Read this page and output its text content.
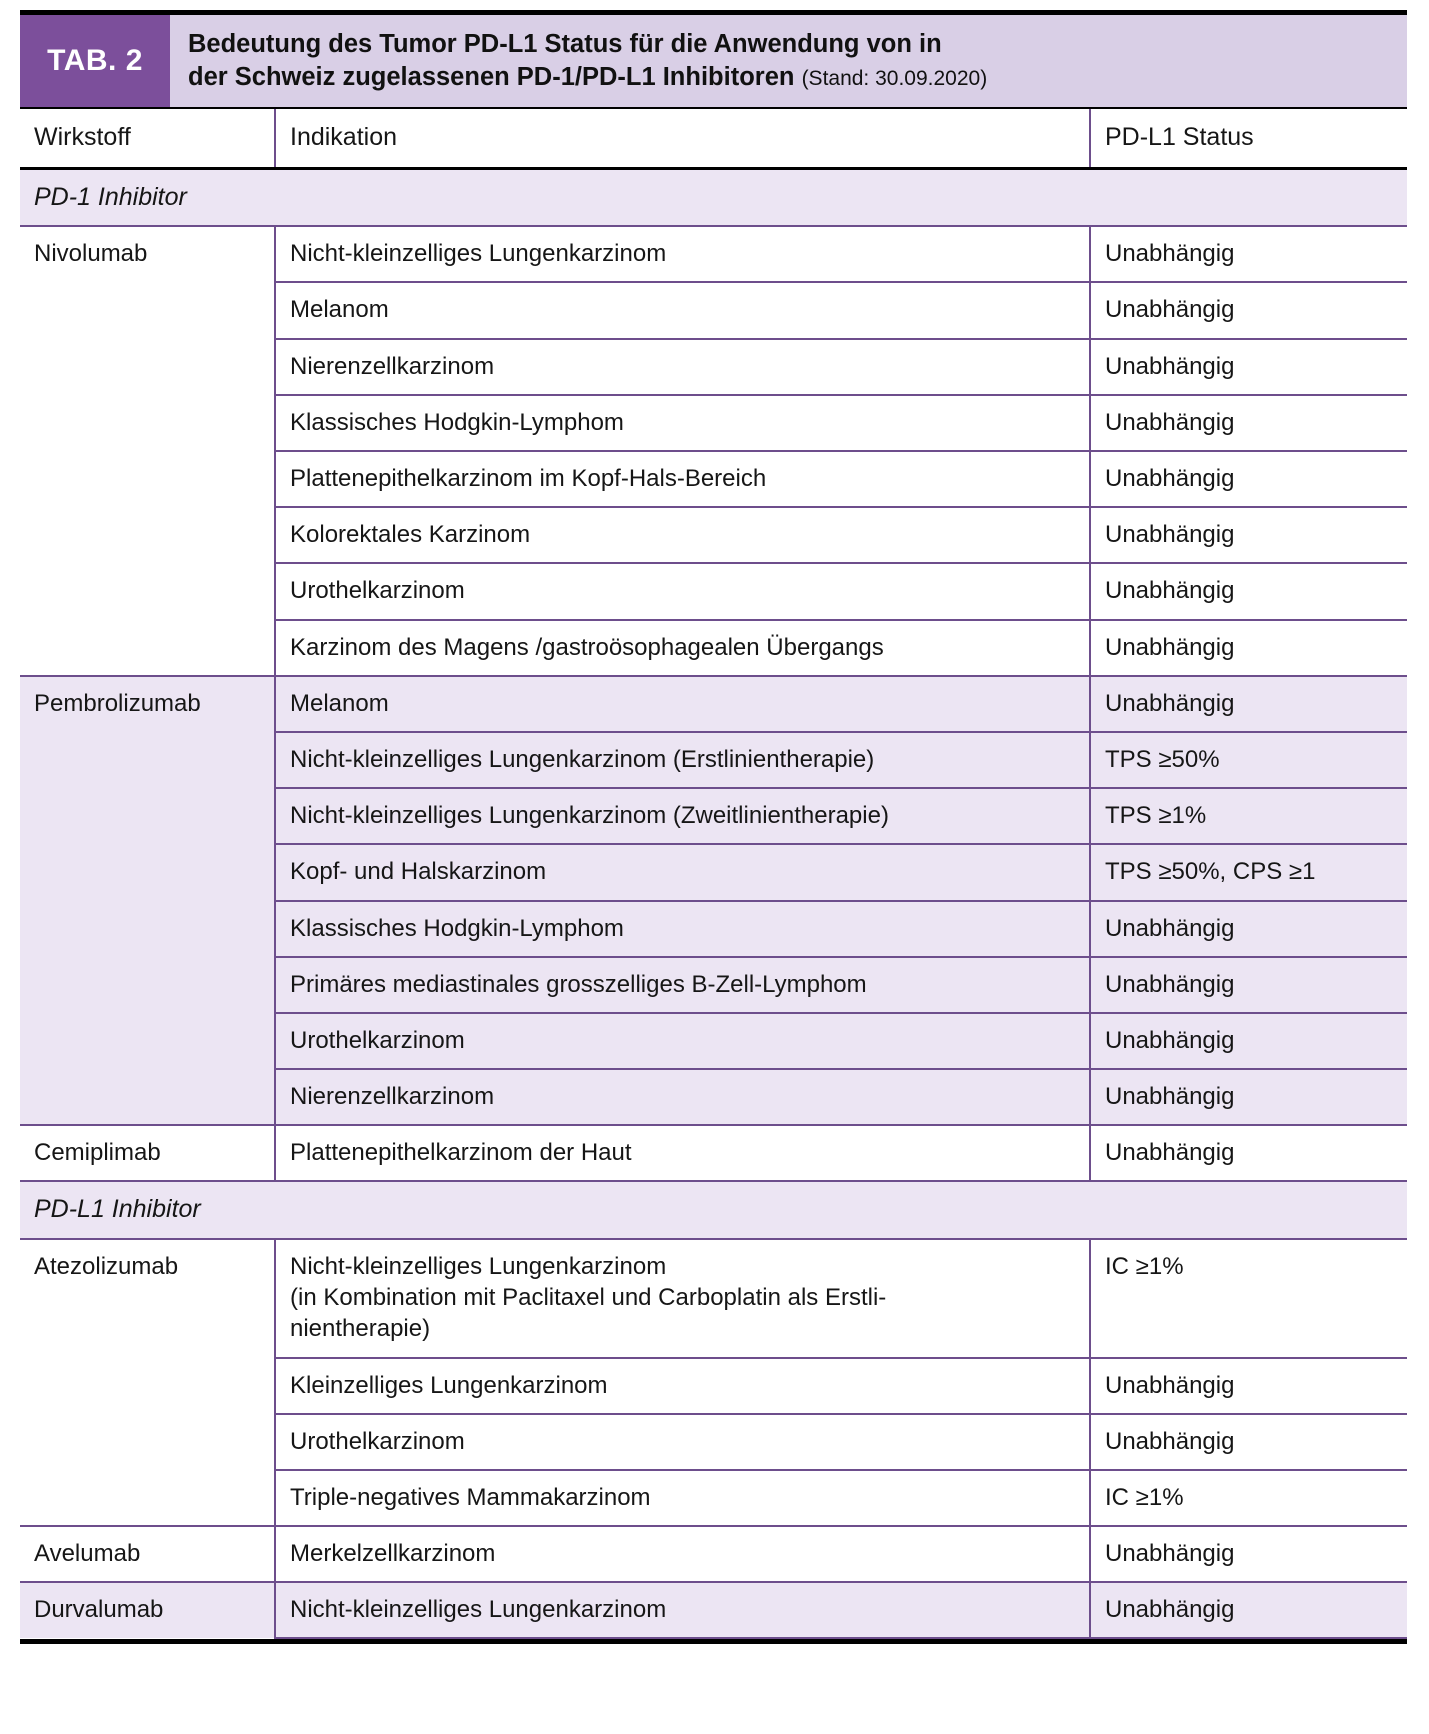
TAB. 2
Bedeutung des Tumor PD-L1 Status für die Anwendung von in
der Schweiz zugelassenen PD-1/PD-L1 Inhibitoren (Stand: 30.09.2020)
Wirkstoff	Indikation	PD-L1 Status
PD-1 Inhibitor		
Nivolumab	Nicht-kleinzelliges Lungenkarzinom	Unabhängig
	Melanom	Unabhängig
	Nierenzellkarzinom	Unabhängig
	Klassisches Hodgkin-Lymphom	Unabhängig
	Plattenepithelkarzinom im Kopf-Hals-Bereich	Unabhängig
	Kolorektales Karzinom	Unabhängig
	Urothelkarzinom	Unabhängig
	Karzinom des Magens /gastroösophagealen Übergangs	Unabhängig
Pembrolizumab	Melanom	Unabhängig
	Nicht-kleinzelliges Lungenkarzinom (Erstlinientherapie)	TPS ≥50%
	Nicht-kleinzelliges Lungenkarzinom (Zweitlinientherapie)	TPS ≥1%
	Kopf- und Halskarzinom	TPS ≥50%, CPS ≥1
	Klassisches Hodgkin-Lymphom	Unabhängig
	Primäres mediastinales grosszelliges B-Zell-Lymphom	Unabhängig
	Urothelkarzinom	Unabhängig
	Nierenzellkarzinom	Unabhängig
Cemiplimab	Plattenepithelkarzinom der Haut	Unabhängig
PD-L1 Inhibitor		
Atezolizumab	Nicht-kleinzelliges Lungenkarzinom
(in Kombination mit Paclitaxel und Carboplatin als Erstli-
nientherapie)	IC ≥1%
	Kleinzelliges Lungenkarzinom	Unabhängig
	Urothelkarzinom	Unabhängig
	Triple-negatives Mammakarzinom	IC ≥1%
Avelumab	Merkelzellkarzinom	Unabhängig
Durvalumab	Nicht-kleinzelliges Lungenkarzinom	Unabhängig
